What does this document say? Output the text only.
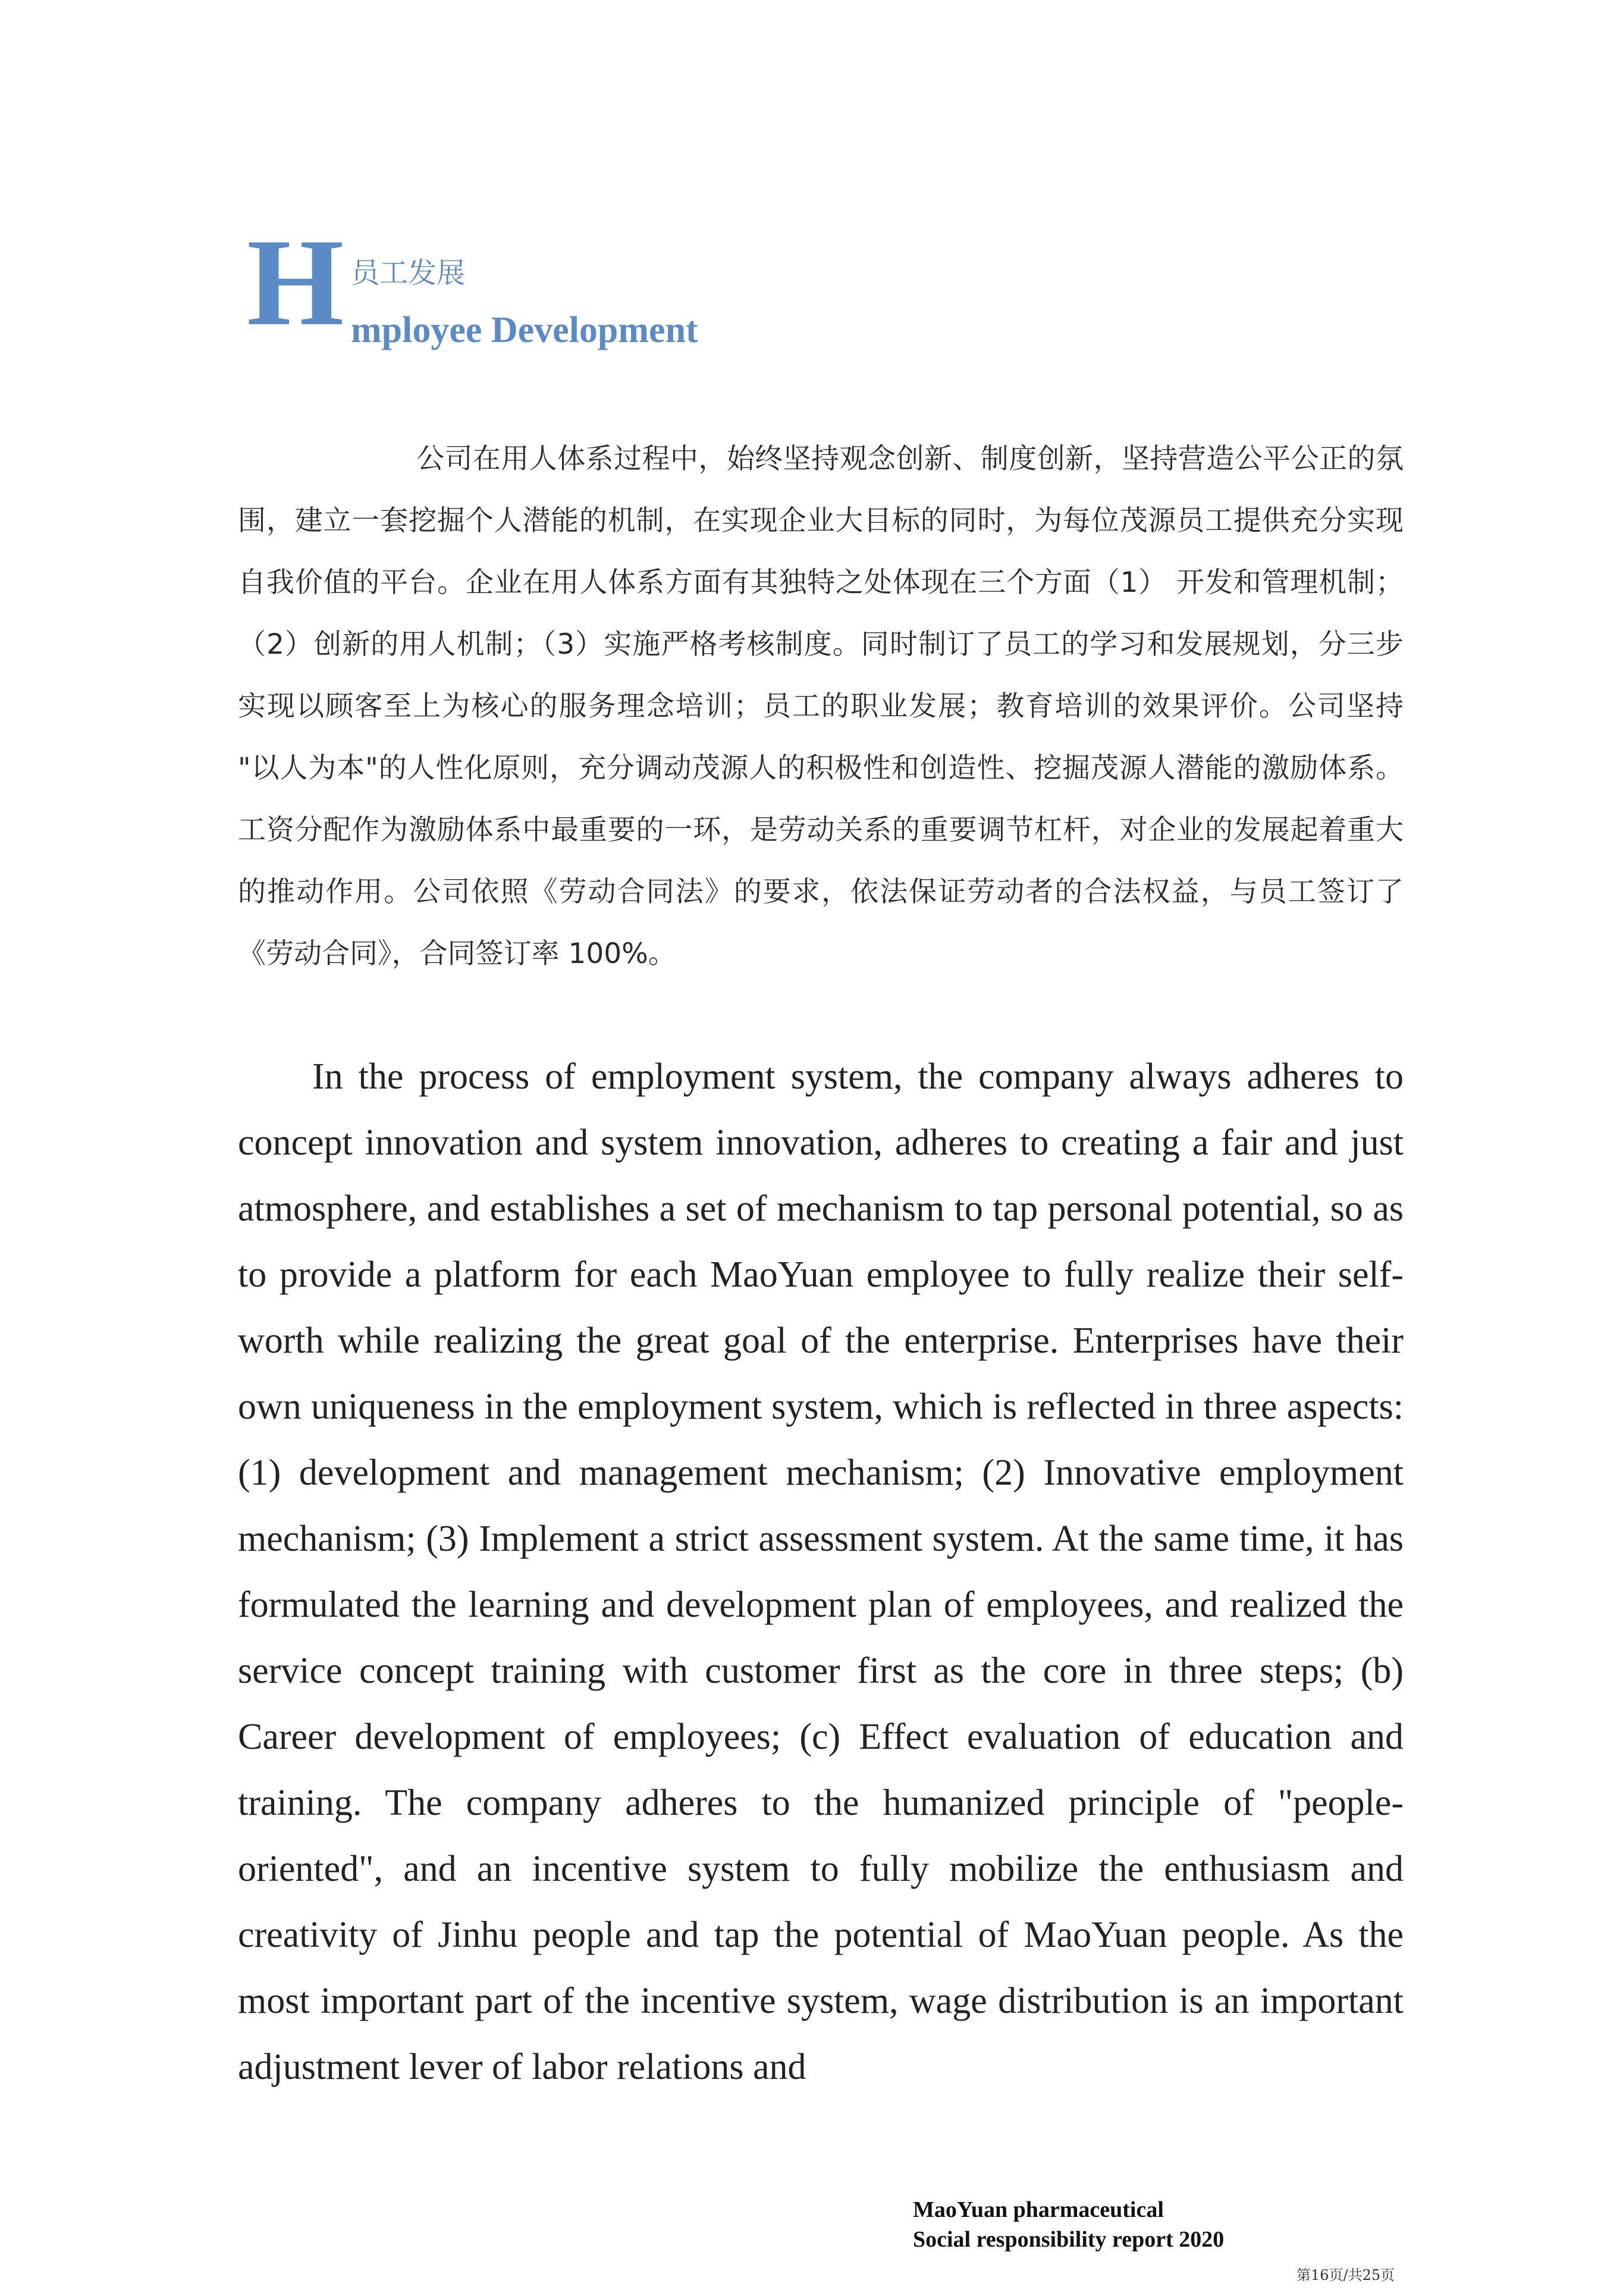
H 员工发展
mployee Development

公司在用人体系过程中，始终坚持观念创新、制度创新，坚持营造公平公正的氛围，建立一套挖掘个人潜能的机制，在实现企业大目标的同时，为每位茂源员工提供充分实现自我价值的平台。企业在用人体系方面有其独特之处体现在三个方面（1） 开发和管理机制；（2）创新的用人机制；（3）实施严格考核制度。同时制订了员工的学习和发展规划，分三步实现以顾客至上为核心的服务理念培训；员工的职业发展；教育培训的效果评价。公司坚持 "以人为本"的人性化原则，充分调动茂源人的积极性和创造性、挖掘茂源人潜能的激励体系。工资分配作为激励体系中最重要的一环，是劳动关系的重要调节杠杆，对企业的发展起着重大的推动作用。公司依照《劳动合同法》的要求，依法保证劳动者的合法权益，与员工签订了《劳动合同》，合同签订率 100%。

In the process of employment system, the company always adheres to concept innovation and system innovation, adheres to creating a fair and just atmosphere, and establishes a set of mechanism to tap personal potential, so as to provide a platform for each MaoYuan employee to fully realize their self-worth while realizing the great goal of the enterprise. Enterprises have their own uniqueness in the employment system, which is reflected in three aspects: (1) development and management mechanism; (2) Innovative employment mechanism; (3) Implement a strict assessment system. At the same time, it has formulated the learning and development plan of employees, and realized the service concept training with customer first as the core in three steps; (b) Career development of employees; (c) Effect evaluation of education and training. The company adheres to the humanized principle of "people-oriented", and an incentive system to fully mobilize the enthusiasm and creativity of Jinhu people and tap the potential of MaoYuan people. As the most important part of the incentive system, wage distribution is an important adjustment lever of labor relations and

MaoYuan pharmaceutical
Social responsibility report 2020
第16页/共25页
